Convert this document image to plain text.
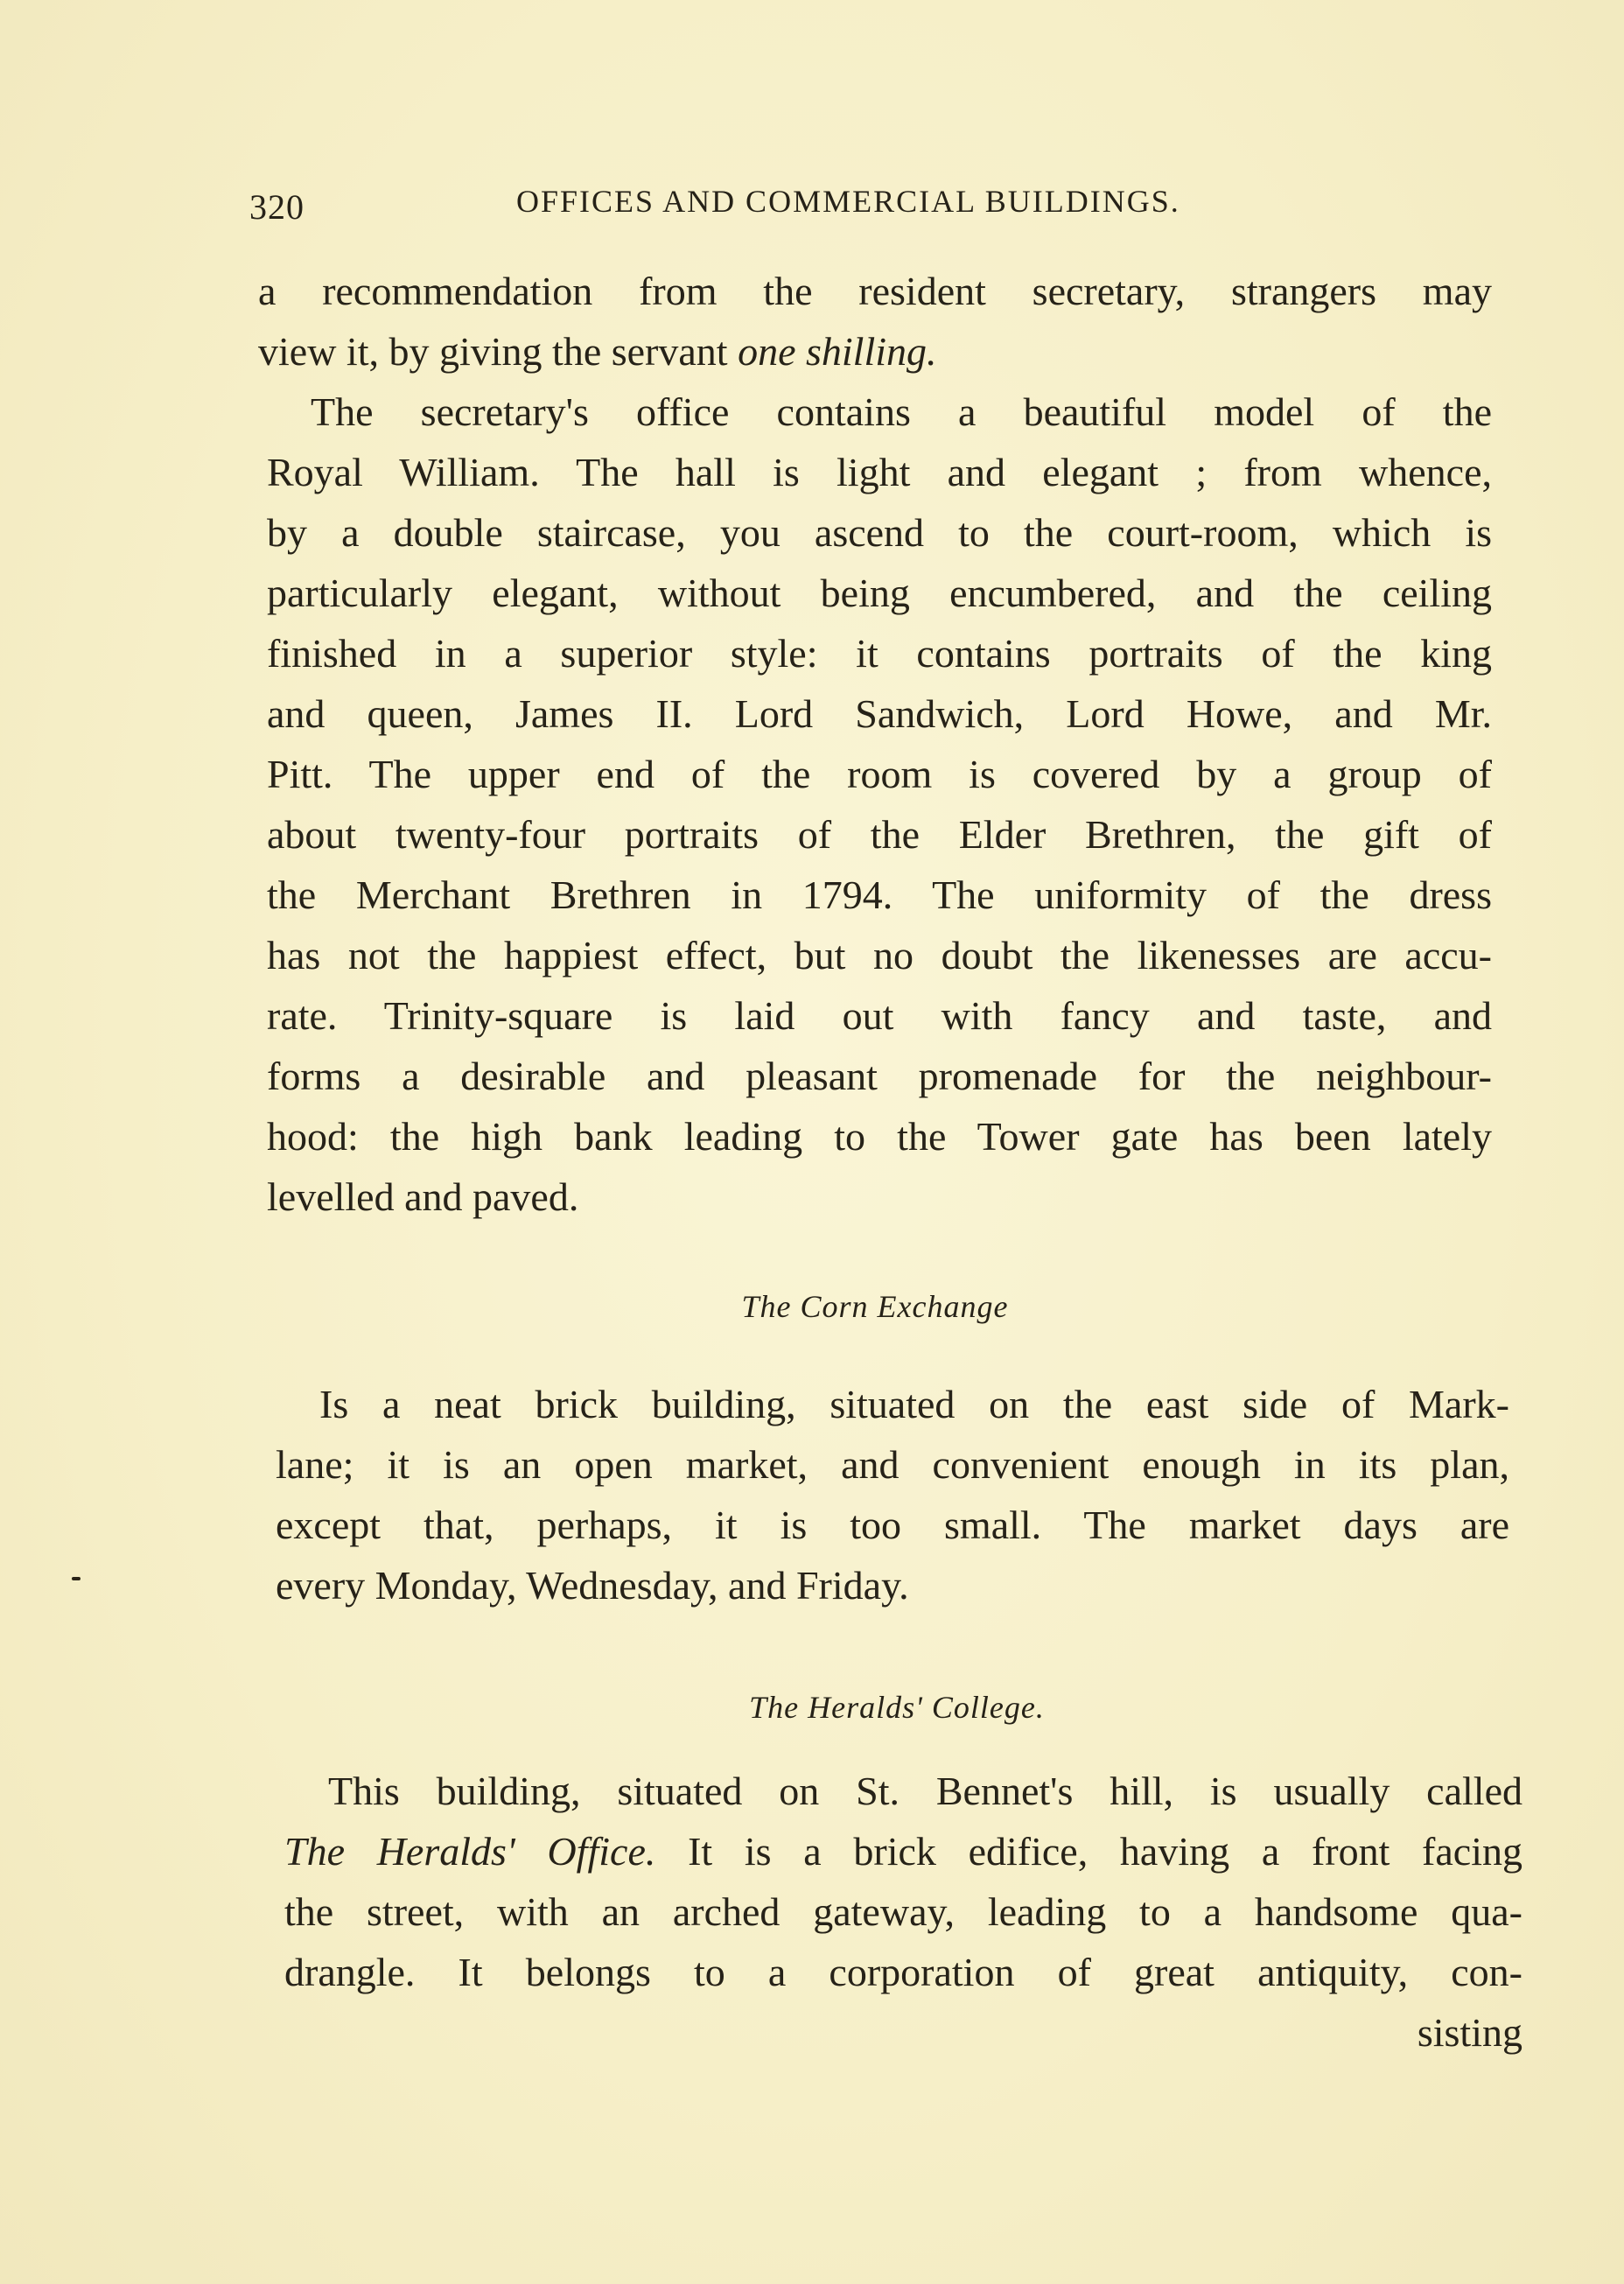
320	OFFICES AND COMMERCIAL BUILDINGS.

a recommendation from the resident secretary, strangers may

view it, by giving the servant one shilling.

The secretary's office contains a beautiful model of the

Royal William. The hall is light and elegant ; from whence,

by a double staircase, you ascend to the court-room, which is

particularly elegant, without being encumbered, and the ceiling

finished in a superior style: it contains portraits of the king

and queen, James II. Lord Sandwich, Lord Howe, and Mr.

Pitt. The upper end of the room is covered by a group of

about twenty-four portraits of the Elder Brethren, the gift of

the Merchant Brethren in 1794. The uniformity of the dress

has not the happiest effect, but no doubt the likenesses are accu-

rate. Trinity-square is laid out with fancy and taste, and

forms a desirable and pleasant promenade for the neighbour-

hood: the high bank leading to the Tower gate has been lately

levelled and paved.

The Corn Exchange

Is a neat brick building, situated on the east side of Mark-

lane; it is an open market, and convenient enough in its plan,

except that, perhaps, it is too small. The market days are

every Monday, Wednesday, and Friday.

The Heralds' College.

This building, situated on St. Bennet's hill, is usually called

The Heralds' Office. It is a brick edifice, having a front facing

the street, with an arched gateway, leading to a handsome qua-

drangle. It belongs to a corporation of great antiquity, con-

sisting
